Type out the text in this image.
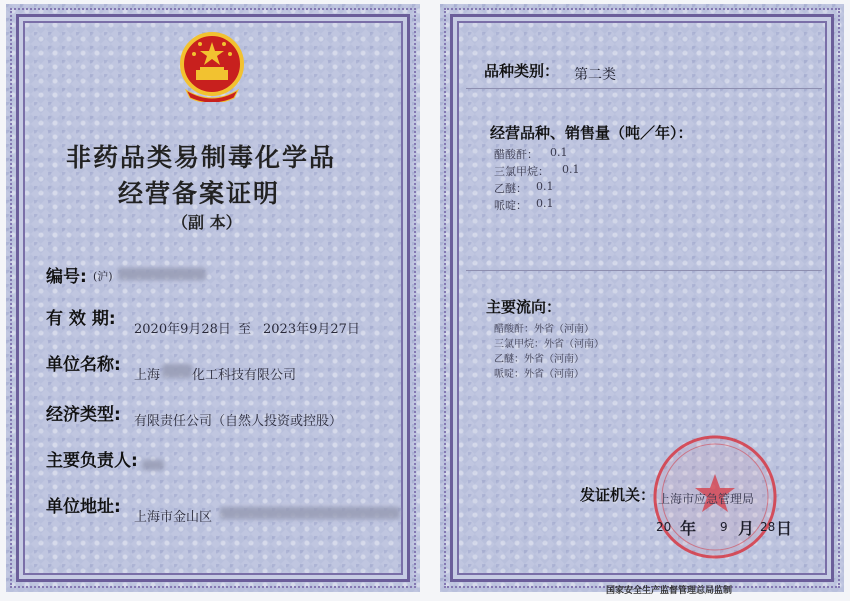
非药品类易制毒化学品
经营备案证明
（副 本）
编号: (沪)
有 效 期:
2020年9月28日 至 2023年9月27日
单位名称:
上海 化工科技有限公司
经济类型: 有限责任公司（自然人投资或控股）
主要负责人:
单位地址:
上海市金山区
品种类别： 第二类
经营品种、销售量（吨／年）：
醋酸酐： 0.1
三氯甲烷： 0.1
乙醚： 0.1
哌啶： 0.1
主要流向：
醋酸酐：外省（河南）
三氯甲烷：外省（河南）
乙醚：外省（河南）
哌啶：外省（河南）
发证机关： 上海市应急管理局
20 年 9 月 28 日
国家安全生产监督管理总局监制
